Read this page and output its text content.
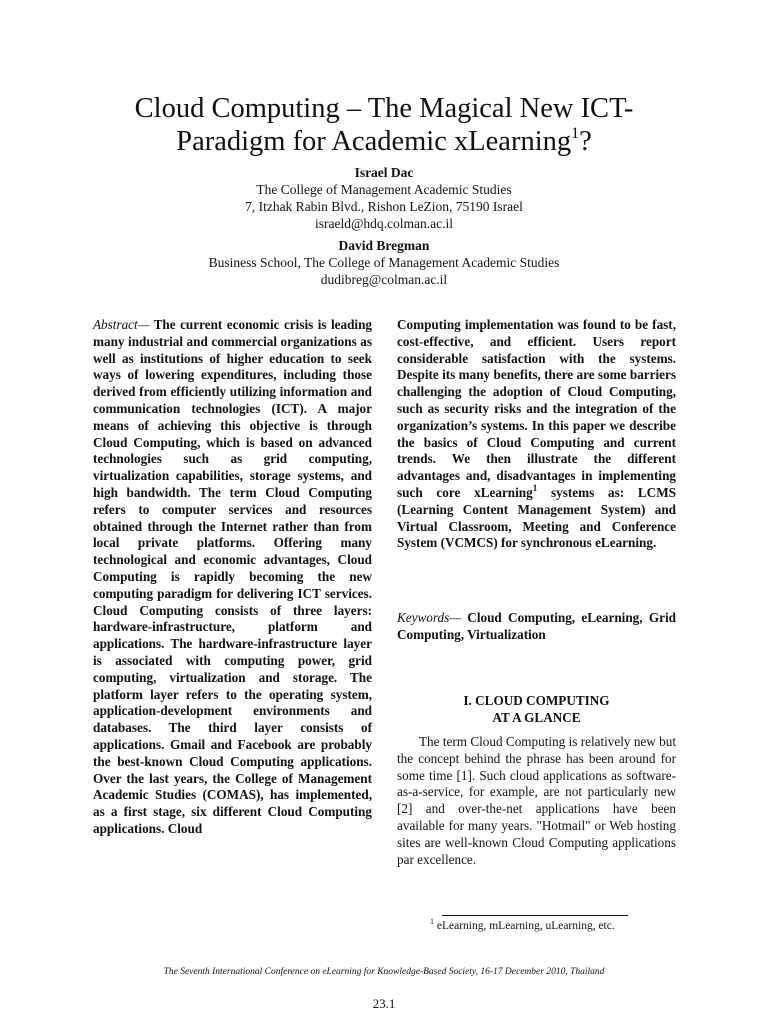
Cloud Computing – The Magical New ICT-
Paradigm for Academic xLearning$^1$?
Israel Dac
The College of Management Academic Studies
7, Itzhak Rabin Blvd., Rishon LeZion, 75190 Israel
israeld@hdq.colman.ac.il
David Bregman
Business School, The College of Management Academic Studies
dudibreg@colman.ac.il

Abstract— The current economic crisis is leading many industrial and commercial organizations as well as institutions of higher education to seek ways of lowering expenditures, including those derived from efficiently utilizing information and communication technologies (ICT). A major means of achieving this objective is through Cloud Computing, which is based on advanced technologies such as grid computing, virtualization capabilities, storage systems, and high bandwidth. The term Cloud Computing refers to computer services and resources obtained through the Internet rather than from local private platforms. Offering many technological and economic advantages, Cloud Computing is rapidly becoming the new computing paradigm for delivering ICT services. Cloud Computing consists of three layers: hardware-infrastructure, platform and applications. The hardware-infrastructure layer is associated with computing power, grid computing, virtualization and storage. The platform layer refers to the operating system, application-development environments and databases. The third layer consists of applications. Gmail and Facebook are probably the best-known Cloud Computing applications. Over the last years, the College of Management Academic Studies (COMAS), has implemented, as a first stage, six different Cloud Computing applications. Cloud

Computing implementation was found to be fast, cost-effective, and efficient. Users report considerable satisfaction with the systems. Despite its many benefits, there are some barriers challenging the adoption of Cloud Computing, such as security risks and the integration of the organization’s systems. In this paper we describe the basics of Cloud Computing and current trends. We then illustrate the different advantages and, disadvantages in implementing such core xLearning$^1$ systems as: LCMS (Learning Content Management System) and Virtual Classroom, Meeting and Conference System (VCMCS) for synchronous eLearning.

Keywords— Cloud Computing, eLearning, Grid Computing, Virtualization

I. CLOUD COMPUTING
AT A GLANCE

The term Cloud Computing is relatively new but the concept behind the phrase has been around for some time [1]. Such cloud applications as software-as-a-service, for example, are not particularly new [2] and over-the-net applications have been available for many years. "Hotmail" or Web hosting sites are well-known Cloud Computing applications par excellence.

$^1$ eLearning, mLearning, uLearning, etc.
The Seventh International Conference on eLearning for Knowledge-Based Society, 16-17 December 2010, Thailand
23.1
